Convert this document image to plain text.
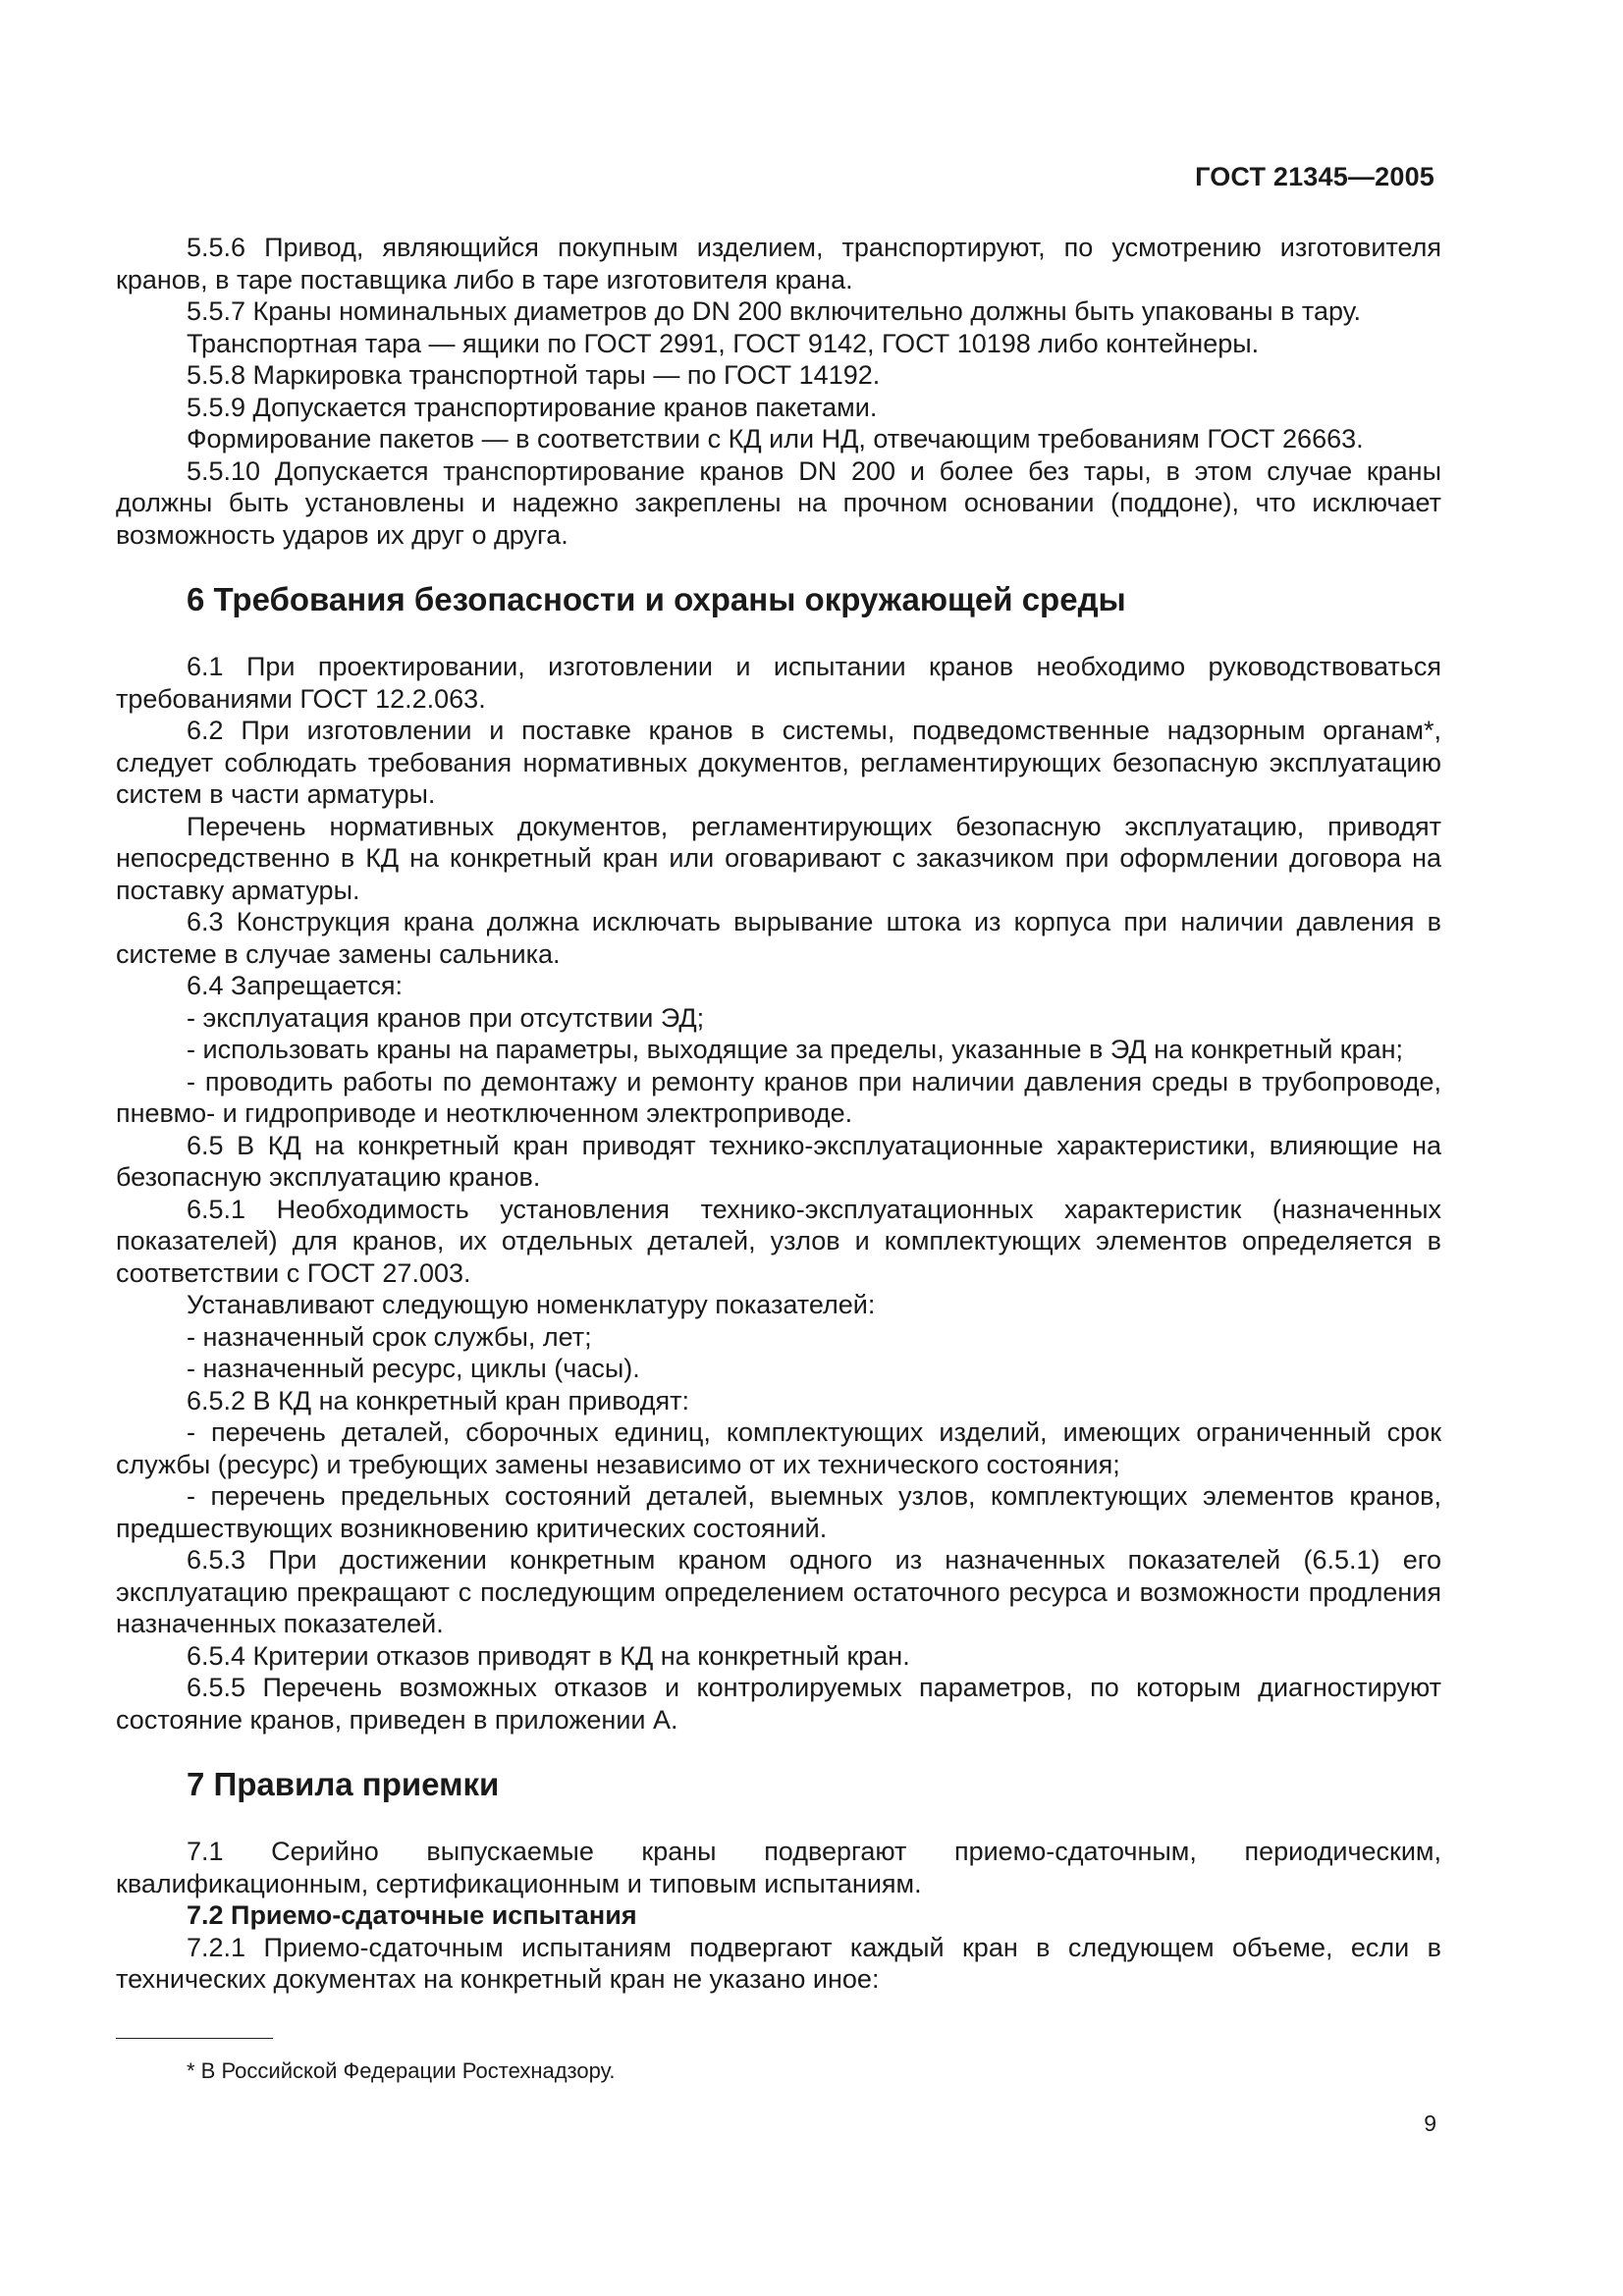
ГОСТ 21345—2005

5.5.6 Привод, являющийся покупным изделием, транспортируют, по усмотрению изготовителя кранов, в таре поставщика либо в таре изготовителя крана.

5.5.7 Краны номинальных диаметров до DN 200 включительно должны быть упакованы в тару.

Транспортная тара — ящики по ГОСТ 2991, ГОСТ 9142, ГОСТ 10198 либо контейнеры.

5.5.8 Маркировка транспортной тары — по ГОСТ 14192.

5.5.9 Допускается транспортирование кранов пакетами.

Формирование пакетов — в соответствии с КД или НД, отвечающим требованиям ГОСТ 26663.

5.5.10 Допускается транспортирование кранов DN 200 и более без тары, в этом случае краны должны быть установлены и надежно закреплены на прочном основании (поддоне), что исключает возможность ударов их друг о друга.

6 Требования безопасности и охраны окружающей среды

6.1 При проектировании, изготовлении и испытании кранов необходимо руководствоваться требованиями ГОСТ 12.2.063.

6.2 При изготовлении и поставке кранов в системы, подведомственные надзорным органам*, следует соблюдать требования нормативных документов, регламентирующих безопасную эксплуатацию систем в части арматуры.

Перечень нормативных документов, регламентирующих безопасную эксплуатацию, приводят непосредственно в КД на конкретный кран или оговаривают с заказчиком при оформлении договора на поставку арматуры.

6.3 Конструкция крана должна исключать вырывание штока из корпуса при наличии давления в системе в случае замены сальника.

6.4 Запрещается:

- эксплуатация кранов при отсутствии ЭД;

- использовать краны на параметры, выходящие за пределы, указанные в ЭД на конкретный кран;

- проводить работы по демонтажу и ремонту кранов при наличии давления среды в трубопроводе, пневмо- и гидроприводе и неотключенном электроприводе.

6.5 В КД на конкретный кран приводят технико-эксплуатационные характеристики, влияющие на безопасную эксплуатацию кранов.

6.5.1 Необходимость установления технико-эксплуатационных характеристик (назначенных показателей) для кранов, их отдельных деталей, узлов и комплектующих элементов определяется в соответствии с ГОСТ 27.003.

Устанавливают следующую номенклатуру показателей:

- назначенный срок службы, лет;

- назначенный ресурс, циклы (часы).

6.5.2 В КД на конкретный кран приводят:

- перечень деталей, сборочных единиц, комплектующих изделий, имеющих ограниченный срок службы (ресурс) и требующих замены независимо от их технического состояния;

- перечень предельных состояний деталей, выемных узлов, комплектующих элементов кранов, предшествующих возникновению критических состояний.

6.5.3 При достижении конкретным краном одного из назначенных показателей (6.5.1) его эксплуатацию прекращают с последующим определением остаточного ресурса и возможности продления назначенных показателей.

6.5.4 Критерии отказов приводят в КД на конкретный кран.

6.5.5 Перечень возможных отказов и контролируемых параметров, по которым диагностируют состояние кранов, приведен в приложении А.

7 Правила приемки

7.1 Серийно выпускаемые краны подвергают приемо-сдаточным, периодическим, квалификационным, сертификационным и типовым испытаниям.

7.2 Приемо-сдаточные испытания

7.2.1 Приемо-сдаточным испытаниям подвергают каждый кран в следующем объеме, если в технических документах на конкретный кран не указано иное:

* В Российской Федерации Ростехнадзору.
9
